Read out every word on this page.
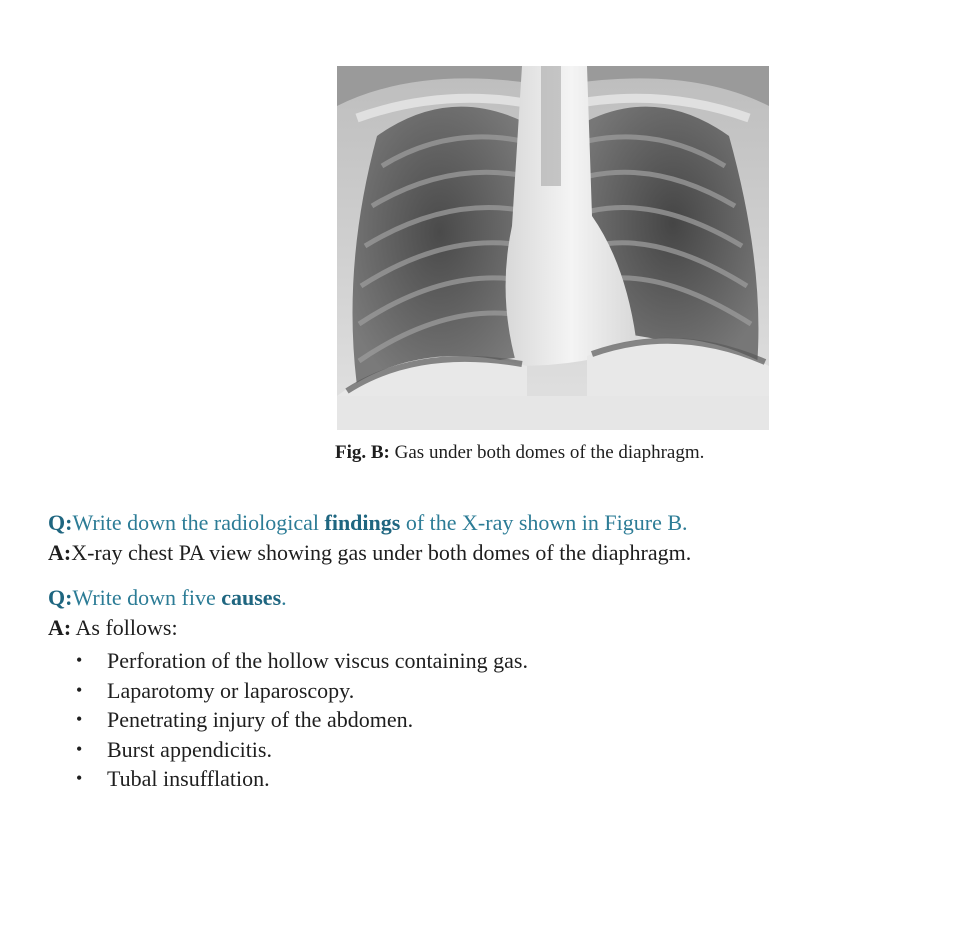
Fig. B: Gas under both domes of the diaphragm.
Q:Write down the radiological findings of the X-ray shown in Figure B.
A:X-ray chest PA view showing gas under both domes of the diaphragm.
Q:Write down five causes.
A: As follows:
•	Perforation of the hollow viscus containing gas.
•	Laparotomy or laparoscopy.
•	Penetrating injury of the abdomen.
•	Burst appendicitis.
•	Tubal insufflation.
